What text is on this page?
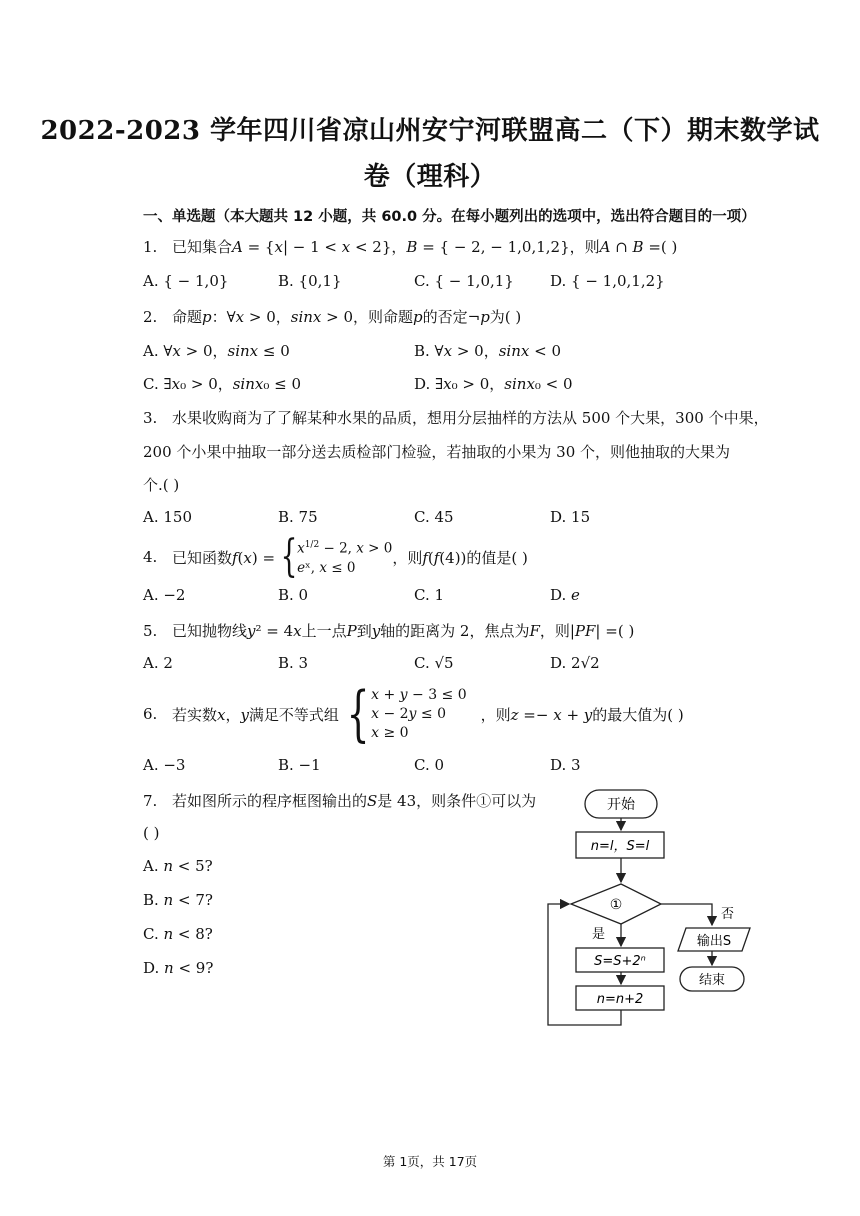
2022-2023 学年四川省凉山州安宁河联盟高二（下）期末数学试
卷（理科）
一、单选题（本大题共 12 小题，共 60.0 分。在每小题列出的选项中，选出符合题目的一项）
1. 已知集合𝐴 = {𝑥| − 1 < 𝑥 < 2}，𝐵 = { − 2, − 1,0,1,2}，则𝐴 ∩ 𝐵 =( )
A. { − 1,0}	B. {0,1}	C. { − 1,0,1} D. { − 1,0,1,2}
2. 命题𝑝：∀𝑥 > 0，𝑠𝑖𝑛𝑥 > 0，则命题𝑝的否定¬𝑝为( )
A. ∀𝑥 > 0，𝑠𝑖𝑛𝑥 ≤ 0	B. ∀𝑥 > 0，𝑠𝑖𝑛𝑥 < 0
C. ∃𝑥₀ > 0，𝑠𝑖𝑛𝑥₀ ≤ 0	D. ∃𝑥₀ > 0，𝑠𝑖𝑛𝑥₀ < 0
3. 水果收购商为了了解某种水果的品质，想用分层抽样的方法从 500 个大果，300 个中果，
200 个小果中抽取一部分送去质检部门检验，若抽取的小果为 30 个，则他抽取的大果为
个.( )
A. 150	B. 75	C. 45	D. 15
4. 已知函数𝑓(𝑥) = { 𝑥$^{1/2}$ − 2, 𝑥 > 0
𝑒ˣ, 𝑥 ≤ 0
，则𝑓(𝑓(4))的值是( )
A. −2	B. 0	C. 1	D. 𝑒
5. 已知抛物线𝑦² = 4𝑥上一点𝑃到𝑦轴的距离为 2，焦点为𝐹，则|𝑃𝐹| =( )
A. 2	B. 3	C. √5	D. 2√2
6. 若实数𝑥，𝑦满足不等式组 { 𝑥 + 𝑦 − 3 ≤ 0
𝑥 − 2𝑦 ≤ 0
𝑥 ≥ 0
，则𝑧 =− 𝑥 + 𝑦的最大值为( )
A. −3	B. −1	C. 0	D. 3
7. 若如图所示的程序框图输出的𝑆是 43，则条件①可以为
( )
A. 𝑛 < 5?
B. 𝑛 < 7?
C. 𝑛 < 8?
D. 𝑛 < 9?
开始
n=l，S=l
①
是
S=S+2ⁿ
n=n+2
否
输出S
结束
第 1页，共 17页
